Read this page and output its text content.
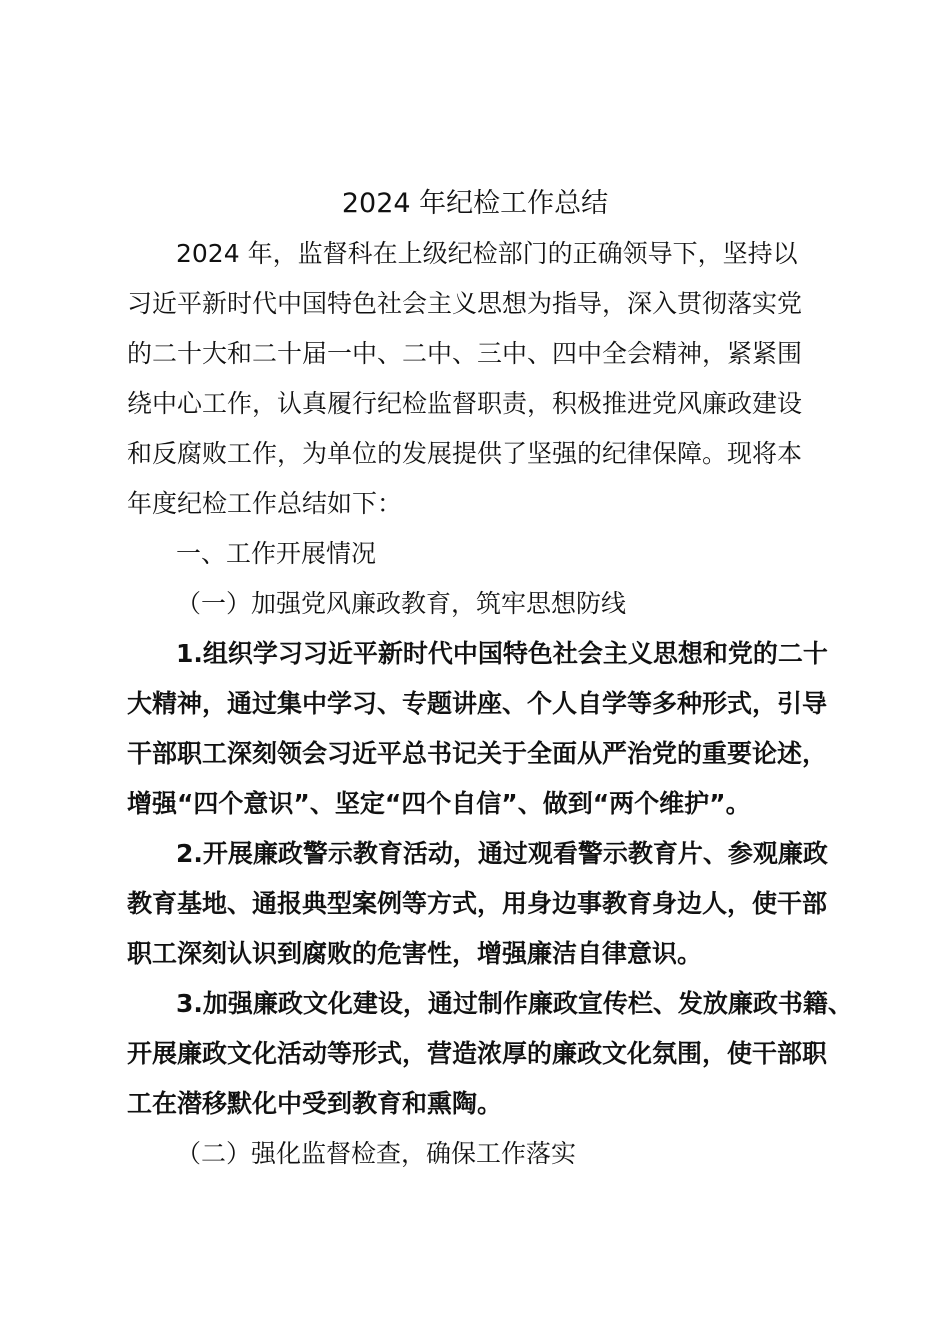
2024 年纪检工作总结
2024 年，监督科在上级纪检部门的正确领导下，坚持以
习近平新时代中国特色社会主义思想为指导，深入贯彻落实党
的二十大和二十届一中、二中、三中、四中全会精神，紧紧围
绕中心工作，认真履行纪检监督职责，积极推进党风廉政建设
和反腐败工作，为单位的发展提供了坚强的纪律保障。现将本
年度纪检工作总结如下：
一、工作开展情况
（一）加强党风廉政教育，筑牢思想防线
1.组织学习习近平新时代中国特色社会主义思想和党的二十
大精神，通过集中学习、专题讲座、个人自学等多种形式，引导
干部职工深刻领会习近平总书记关于全面从严治党的重要论述，
增强“四个意识”、坚定“四个自信”、做到“两个维护”。
2.开展廉政警示教育活动，通过观看警示教育片、参观廉政
教育基地、通报典型案例等方式，用身边事教育身边人，使干部
职工深刻认识到腐败的危害性，增强廉洁自律意识。
3.加强廉政文化建设，通过制作廉政宣传栏、发放廉政书籍、
开展廉政文化活动等形式，营造浓厚的廉政文化氛围，使干部职
工在潜移默化中受到教育和熏陶。
（二）强化监督检查，确保工作落实
